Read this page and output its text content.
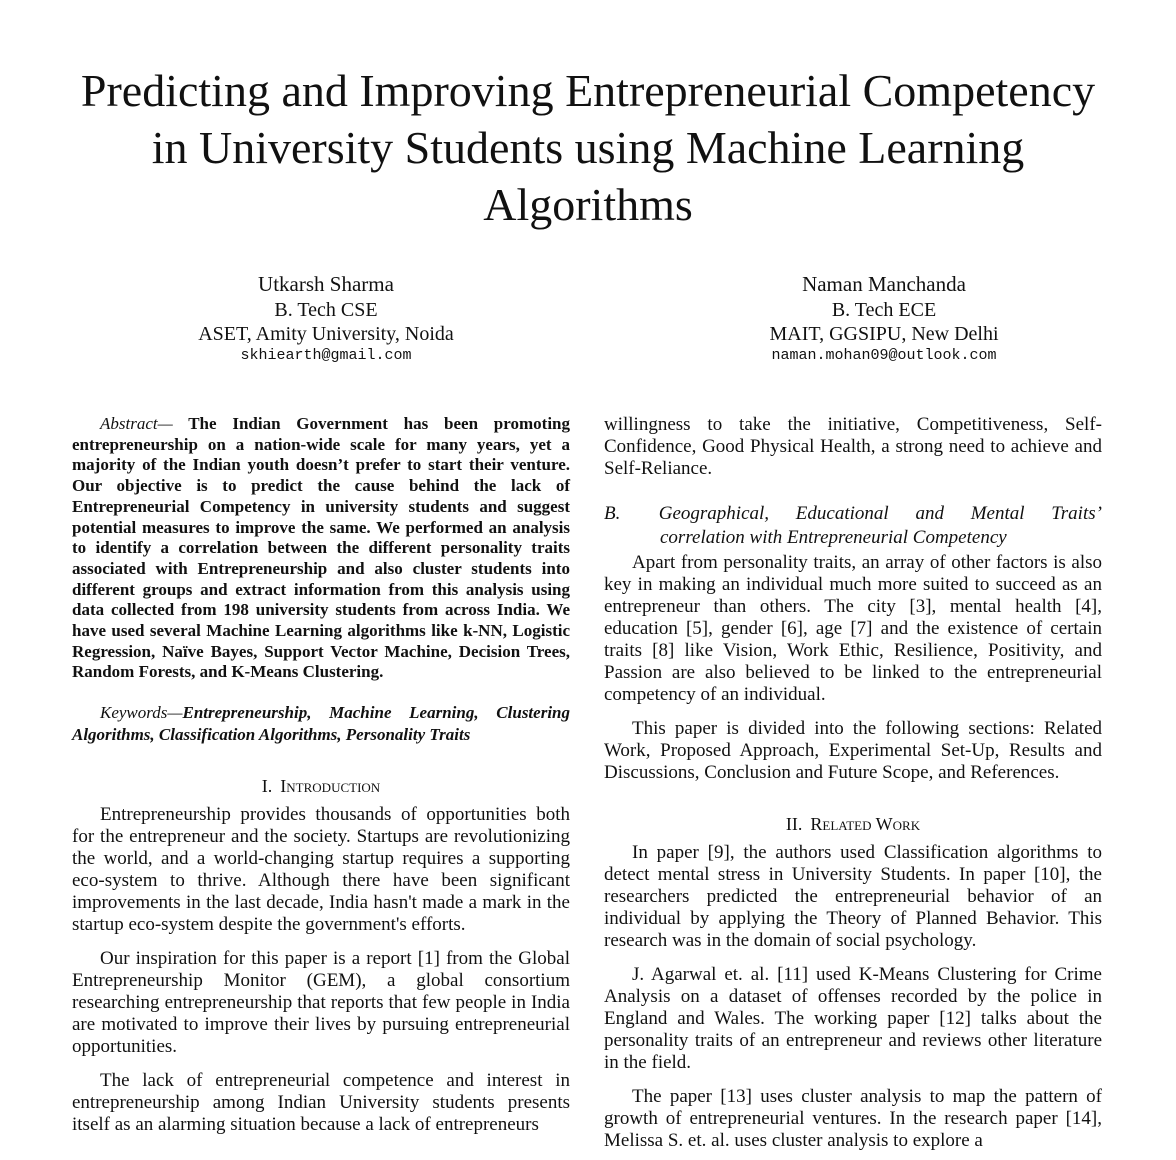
Predicting and Improving Entrepreneurial Competency in University Students using Machine Learning Algorithms
Utkarsh Sharma
B. Tech CSE
ASET, Amity University, Noida
skhiearth@gmail.com
Naman Manchanda
B. Tech ECE
MAIT, GGSIPU, New Delhi
naman.mohan09@outlook.com

Abstract— The Indian Government has been promoting entrepreneurship on a nation-wide scale for many years, yet a majority of the Indian youth doesn’t prefer to start their venture. Our objective is to predict the cause behind the lack of Entrepreneurial Competency in university students and suggest potential measures to improve the same. We performed an analysis to identify a correlation between the different personality traits associated with Entrepreneurship and also cluster students into different groups and extract information from this analysis using data collected from 198 university students from across India. We have used several Machine Learning algorithms like k-NN, Logistic Regression, Naïve Bayes, Support Vector Machine, Decision Trees, Random Forests, and K-Means Clustering.

Keywords—Entrepreneurship, Machine Learning, Clustering Algorithms, Classification Algorithms, Personality Traits

I. Introduction

Entrepreneurship provides thousands of opportunities both for the entrepreneur and the society. Startups are revolutionizing the world, and a world-changing startup requires a supporting eco-system to thrive. Although there have been significant improvements in the last decade, India hasn't made a mark in the startup eco-system despite the government's efforts.

Our inspiration for this paper is a report [1] from the Global Entrepreneurship Monitor (GEM), a global consortium researching entrepreneurship that reports that few people in India are motivated to improve their lives by pursuing entrepreneurial opportunities.

The lack of entrepreneurial competence and interest in entrepreneurship among Indian University students presents itself as an alarming situation because a lack of entrepreneurs

willingness to take the initiative, Competitiveness, Self-Confidence, Good Physical Health, a strong need to achieve and Self-Reliance.

B.	Geographical, Educational and Mental Traits’
correlation with Entrepreneurial Competency

Apart from personality traits, an array of other factors is also key in making an individual much more suited to succeed as an entrepreneur than others. The city [3], mental health [4], education [5], gender [6], age [7] and the existence of certain traits [8] like Vision, Work Ethic, Resilience, Positivity, and Passion are also believed to be linked to the entrepreneurial competency of an individual.

This paper is divided into the following sections: Related Work, Proposed Approach, Experimental Set-Up, Results and Discussions, Conclusion and Future Scope, and References.

II. Related Work

In paper [9], the authors used Classification algorithms to detect mental stress in University Students. In paper [10], the researchers predicted the entrepreneurial behavior of an individual by applying the Theory of Planned Behavior. This research was in the domain of social psychology.

J. Agarwal et. al. [11] used K-Means Clustering for Crime Analysis on a dataset of offenses recorded by the police in England and Wales. The working paper [12] talks about the personality traits of an entrepreneur and reviews other literature in the field.

The paper [13] uses cluster analysis to map the pattern of growth of entrepreneurial ventures. In the research paper [14], Melissa S. et. al. uses cluster analysis to explore a
